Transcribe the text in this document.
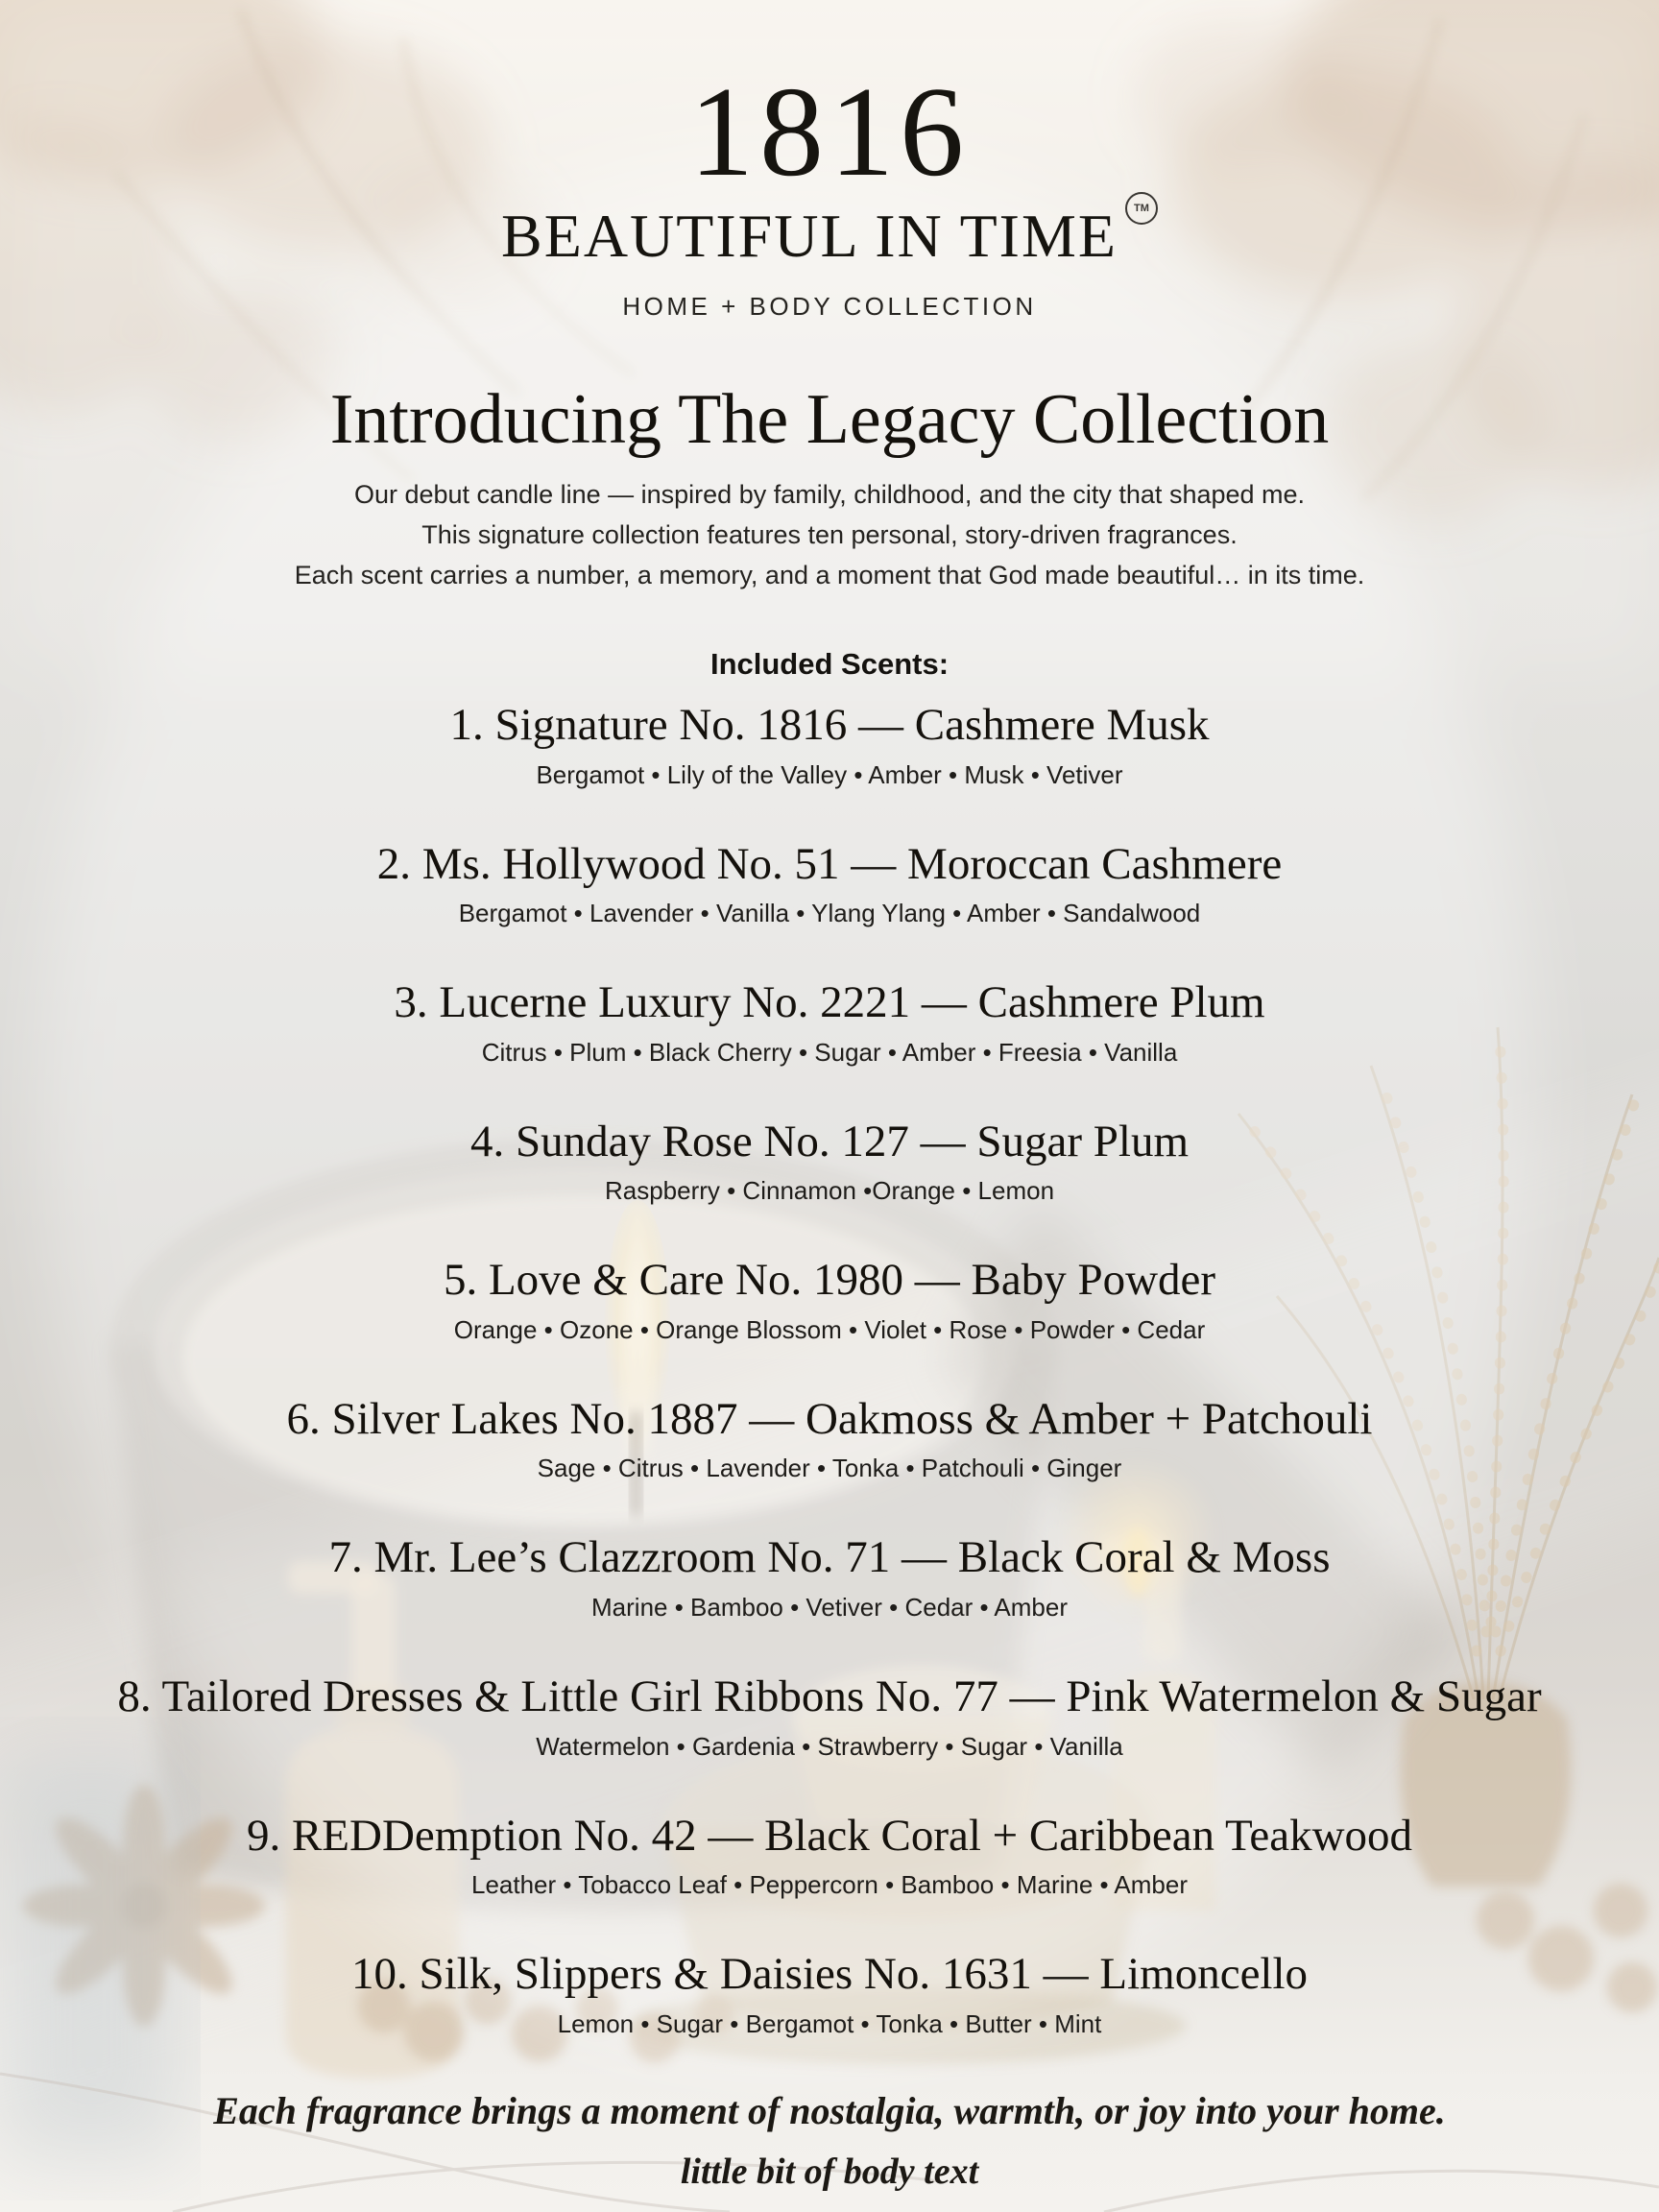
1816
BEAUTIFUL IN TIME TM
HOME + BODY COLLECTION
Introducing The Legacy Collection

Our debut candle line — inspired by family, childhood, and the city that shaped me.

This signature collection features ten personal, story-driven fragrances.

Each scent carries a number, a memory, and a moment that God made beautiful… in its time.

Included Scents:
1. Signature No. 1816 — Cashmere Musk
Bergamot • Lily of the Valley • Amber • Musk • Vetiver
2. Ms. Hollywood No. 51 — Moroccan Cashmere
Bergamot • Lavender • Vanilla • Ylang Ylang • Amber • Sandalwood
3. Lucerne Luxury No. 2221 — Cashmere Plum
Citrus • Plum • Black Cherry • Sugar • Amber • Freesia • Vanilla
4. Sunday Rose No. 127 — Sugar Plum
Raspberry • Cinnamon •Orange • Lemon
5. Love & Care No. 1980 — Baby Powder
Orange • Ozone • Orange Blossom • Violet • Rose • Powder • Cedar
6. Silver Lakes No. 1887 — Oakmoss & Amber + Patchouli
Sage • Citrus • Lavender • Tonka • Patchouli • Ginger
7. Mr. Lee’s Clazzroom No. 71 — Black Coral & Moss
Marine • Bamboo • Vetiver • Cedar • Amber
8. Tailored Dresses & Little Girl Ribbons No. 77 — Pink Watermelon & Sugar
Watermelon • Gardenia • Strawberry • Sugar • Vanilla
9. REDDemption No. 42 — Black Coral + Caribbean Teakwood
Leather • Tobacco Leaf • Peppercorn • Bamboo • Marine • Amber
10. Silk, Slippers & Daisies No. 1631 — Limoncello
Lemon • Sugar • Bergamot • Tonka • Butter • Mint

Each fragrance brings a moment of nostalgia, warmth, or joy into your home.

little bit of body text
